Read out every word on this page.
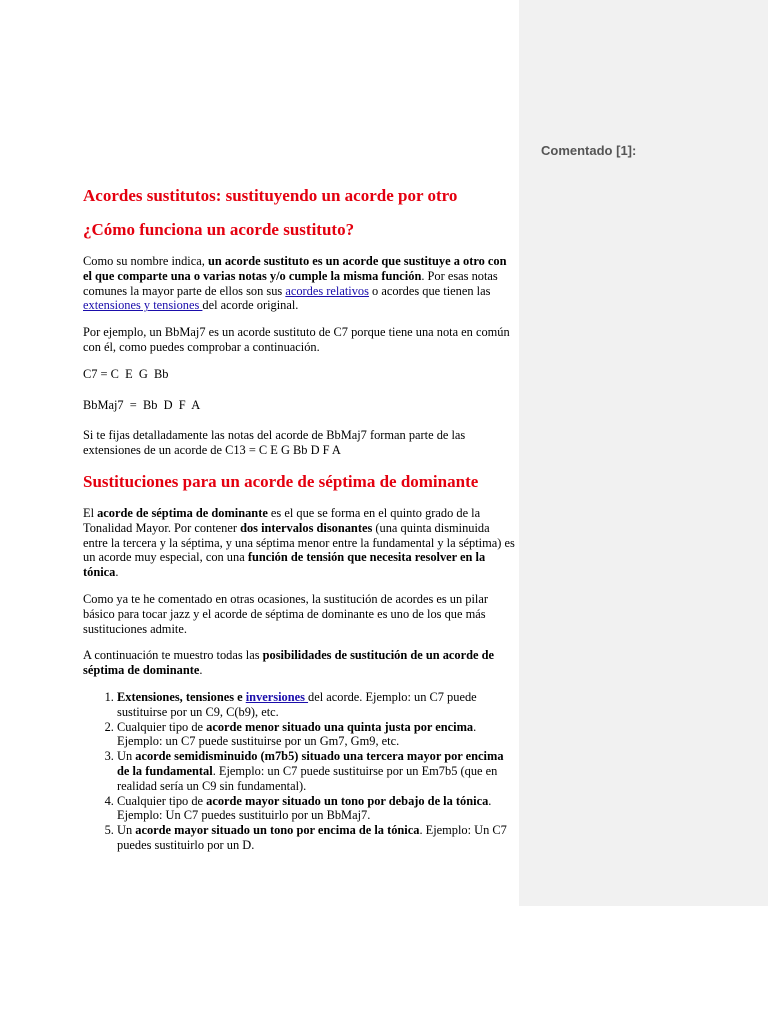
Comentado [1]:
Acordes sustitutos: sustituyendo un acorde por otro
¿Cómo funciona un acorde sustituto?

Como su nombre indica, un acorde sustituto es un acorde que sustituye a otro con el que comparte una o varias notas y/o cumple la misma función. Por esas notas comunes la mayor parte de ellos son sus acordes relativos o acordes que tienen las extensiones y tensiones del acorde original.

Por ejemplo, un BbMaj7 es un acorde sustituto de C7 porque tiene una nota en común con él, como puedes comprobar a continuación.

C7 = C  E  G  Bb

BbMaj7  =  Bb  D  F  A

Si te fijas detalladamente las notas del acorde de BbMaj7 forman parte de las extensiones de un acorde de C13 = C E G Bb D F A

Sustituciones para un acorde de séptima de dominante

El acorde de séptima de dominante es el que se forma en el quinto grado de la Tonalidad Mayor. Por contener dos intervalos disonantes (una quinta disminuida entre la tercera y la séptima, y una séptima menor entre la fundamental y la séptima) es un acorde muy especial, con una función de tensión que necesita resolver en la tónica.

Como ya te he comentado en otras ocasiones, la sustitución de acordes es un pilar básico para tocar jazz y el acorde de séptima de dominante es uno de los que más sustituciones admite.

A continuación te muestro todas las posibilidades de sustitución de un acorde de séptima de dominante.

1. Extensiones, tensiones e inversiones del acorde. Ejemplo: un C7 puede sustituirse por un C9, C(b9), etc.
2. Cualquier tipo de acorde menor situado una quinta justa por encima. Ejemplo: un C7 puede sustituirse por un Gm7, Gm9, etc.
3. Un acorde semidisminuido (m7b5) situado una tercera mayor por encima de la fundamental. Ejemplo: un C7 puede sustituirse por un Em7b5 (que en realidad sería un C9 sin fundamental).
4. Cualquier tipo de acorde mayor situado un tono por debajo de la tónica. Ejemplo: Un C7 puedes sustituirlo por un BbMaj7.
5. Un acorde mayor situado un tono por encima de la tónica. Ejemplo: Un C7 puedes sustituirlo por un D.
